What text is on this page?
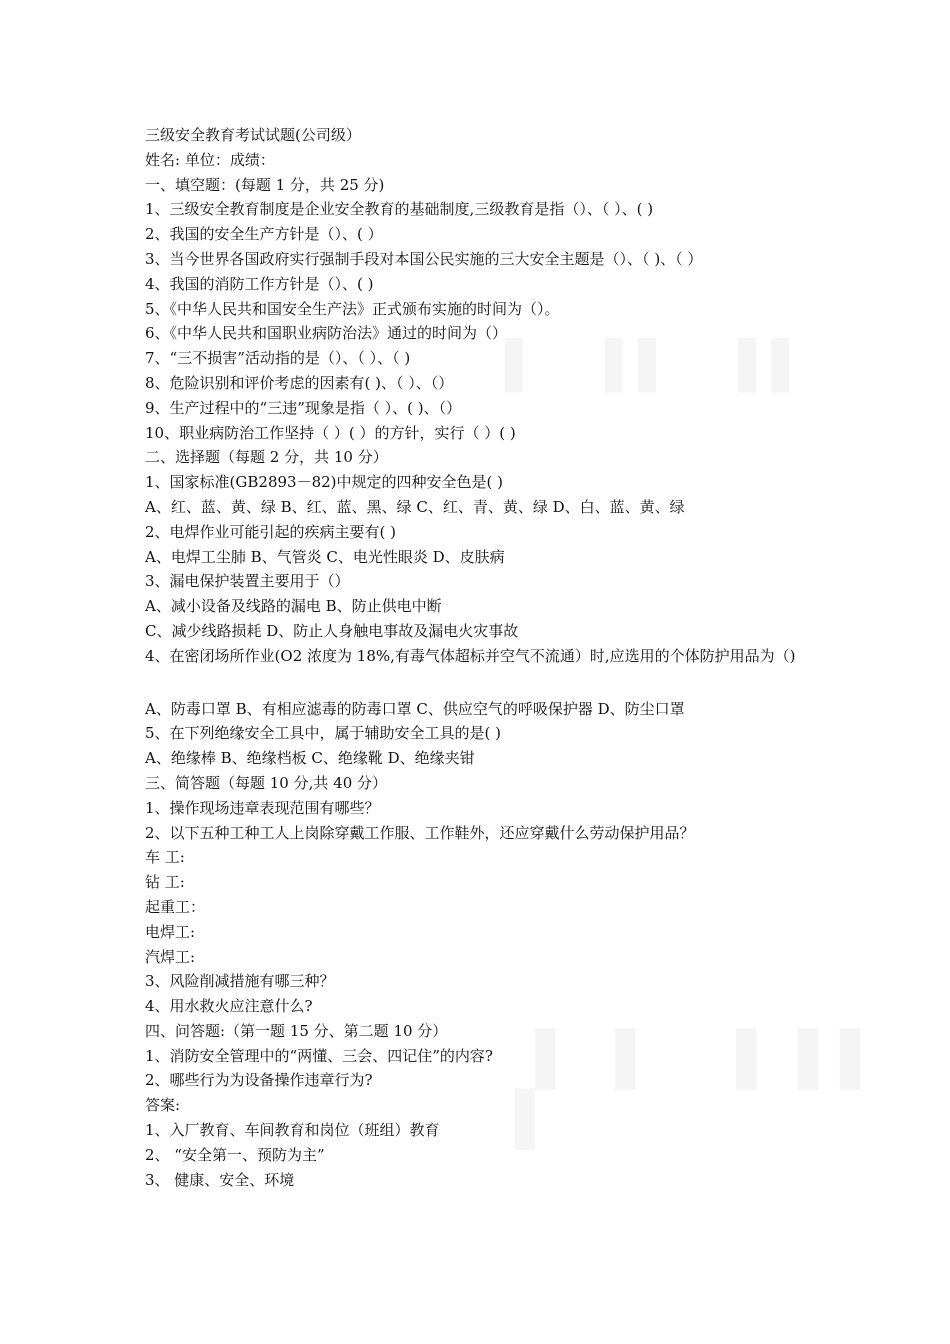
三级安全教育考试试题(公司级）
姓名: 单位：成绩：
一、填空题：(每题 1 分，共 25 分)
1、三级安全教育制度是企业安全教育的基础制度,三级教育是指（）、（ ）、( )
2、我国的安全生产方针是（）、( ）
3、当今世界各国政府实行强制手段对本国公民实施的三大安全主题是（）、（ )、（ ）
4、我国的消防工作方针是（）、( )
5、《中华人民共和国安全生产法》正式颁布实施的时间为（）。
6、《中华人民共和国职业病防治法》通过的时间为（）
7、“三不损害”活动指的是（）、（ ）、（ )
8、危险识别和评价考虑的因素有( )、（ ）、（）
9、生产过程中的“三违”现象是指（ ）、( )、（）
10、职业病防治工作坚持（ ）( ）的方针，实行（ ）( )
二、选择题（每题 2 分，共 10 分）
1、国家标准(GB2893－82)中规定的四种安全色是( )
A、红、蓝、黄、绿 B、红、蓝、黑、绿 C、红、青、黄、绿 D、白、蓝、黄、绿
2、电焊作业可能引起的疾病主要有( )
A、电焊工尘肺 B、气管炎 C、电光性眼炎 D、皮肤病
3、漏电保护装置主要用于（）
A、减小设备及线路的漏电 B、防止供电中断
C、减少线路损耗 D、防止人身触电事故及漏电火灾事故
4、在密闭场所作业(O2 浓度为 18%,有毒气体超标并空气不流通）时,应选用的个体防护用品为（)
A、防毒口罩 B、有相应滤毒的防毒口罩 C、供应空气的呼吸保护器 D、防尘口罩
5、在下列绝缘安全工具中，属于辅助安全工具的是( )
A、绝缘棒 B、绝缘档板 C、绝缘靴 D、绝缘夹钳
三、简答题（每题 10 分,共 40 分）
1、操作现场违章表现范围有哪些？
2、以下五种工种工人上岗除穿戴工作服、工作鞋外，还应穿戴什么劳动保护用品？
车 工:
钻 工:
起重工：
电焊工:
汽焊工:
3、风险削减措施有哪三种？
4、用水救火应注意什么?
四、问答题:（第一题 15 分、第二题 10 分）
1、消防安全管理中的“两懂、三会、四记住”的内容?
2、哪些行为为设备操作违章行为?
答案:
1、入厂教育、车间教育和岗位（班组）教育
2、 “安全第一、预防为主”
3、 健康、安全、环境
